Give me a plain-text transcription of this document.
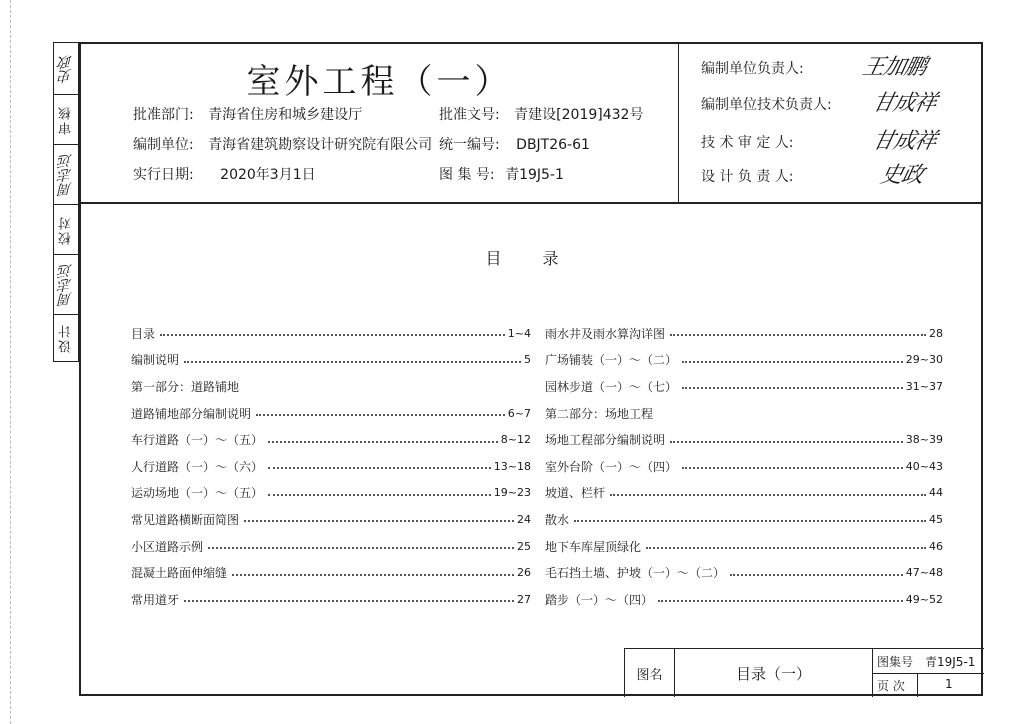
史政
审核
周志远
校对
周志远
设计
室外工程（一）
批准部门: 青海省住房和城乡建设厅	批准文号: 青建设[2019]432号
编制单位: 青海省建筑勘察设计研究院有限公司 统一编号: DBJT26-61
实行日期: 2020年3月1日	图 集 号: 青19J5-1
编制单位负责人:	王加鹏
编制单位技术负责人: 甘成祥
技 术 审 定 人:	甘成祥
设 计 负 责 人:	史政
目 录
目录	1~4
编制说明	5
第一部分：道路铺地
道路铺地部分编制说明	6~7
车行道路（一）～（五）	8~12
人行道路（一）～（六）	13~18
运动场地（一）～（五）	19~23
常见道路横断面简图	24
小区道路示例	25
混凝土路面伸缩缝	26
常用道牙	27
雨水井及雨水算沟详图	28
广场铺装（一）～（二）	29~30
园林步道（一）～（七）	31~37
第二部分：场地工程
场地工程部分编制说明	38~39
室外台阶（一）～（四）	40~43
坡道、栏杆	44
散水	45
地下车库屋顶绿化	46
毛石挡土墙、护坡（一）～（二）	47~48
踏步（一）～（四）	49~52
图名	目录（一）
图集号 青19J5-1
页 次	1
